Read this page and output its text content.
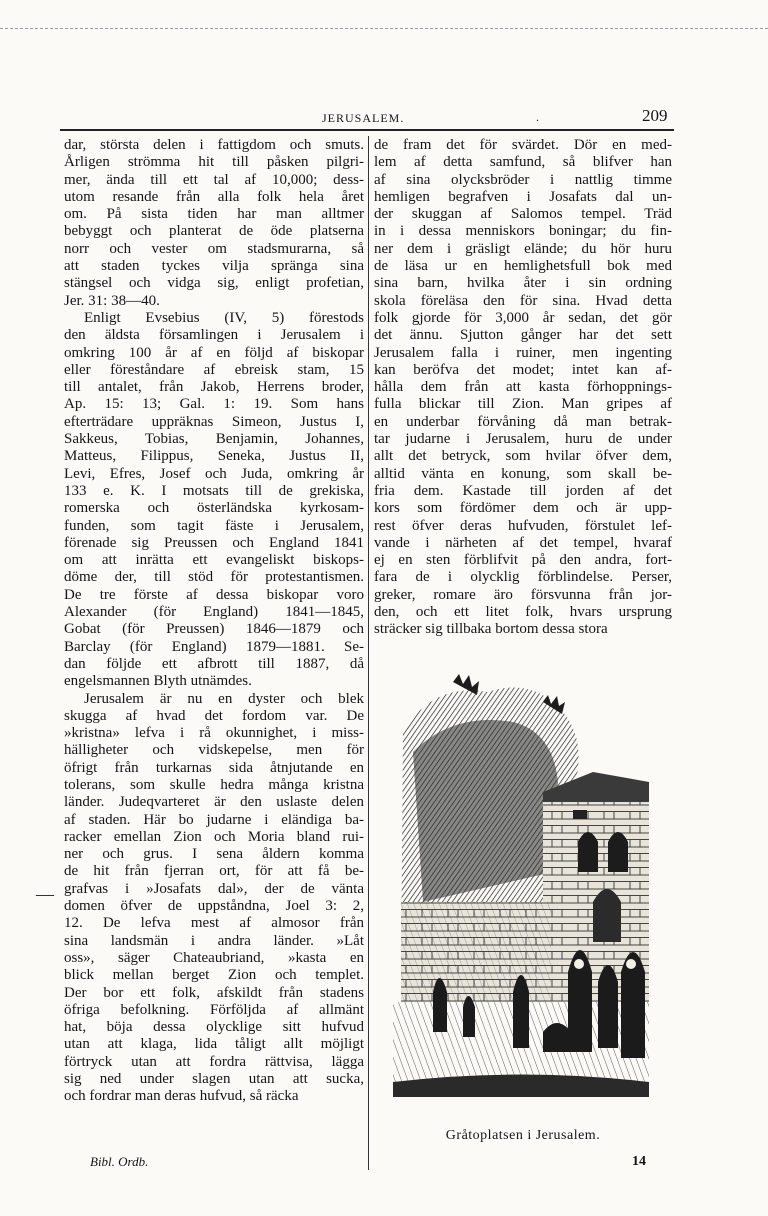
JERUSALEM.	.	209
dar, största delen i fattigdom och smuts.
Årligen strömma hit till påsken pilgri-
mer, ända till ett tal af 10,000; dess-
utom resande från alla folk hela året
om. På sista tiden har man alltmer
bebyggt och planterat de öde platserna
norr och vester om stadsmurarna, så
att staden tyckes vilja spränga sina
stängsel och vidga sig, enligt profetian,
Jer. 31: 38—40.
Enligt Evsebius (IV, 5) förestods
den äldsta församlingen i Jerusalem i
omkring 100 år af en följd af biskopar
eller föreståndare af ebreisk stam, 15
till antalet, från Jakob, Herrens broder,
Ap. 15: 13; Gal. 1: 19. Som hans
efterträdare uppräknas Simeon, Justus I,
Sakkeus, Tobias, Benjamin, Johannes,
Matteus, Filippus, Seneka, Justus II,
Levi, Efres, Josef och Juda, omkring år
133 e. K. I motsats till de grekiska,
romerska och österländska kyrkosam-
funden, som tagit fäste i Jerusalem,
förenade sig Preussen och England 1841
om att inrätta ett evangeliskt biskops-
döme der, till stöd för protestantismen.
De tre förste af dessa biskopar voro
Alexander (för England) 1841—1845,
Gobat (för Preussen) 1846—1879 och
Barclay (för England) 1879—1881. Se-
dan följde ett afbrott till 1887, då
engelsmannen Blyth utnämdes.
Jerusalem är nu en dyster och blek
skugga af hvad det fordom var. De
»kristna» lefva i rå okunnighet, i miss-
hälligheter och vidskepelse, men för
öfrigt från turkarnas sida åtnjutande en
tolerans, som skulle hedra många kristna
länder. Judeqvarteret är den uslaste delen
af staden. Här bo judarne i eländiga ba-
racker emellan Zion och Moria bland rui-
ner och grus. I sena åldern komma
de hit från fjerran ort, för att få be-
grafvas i »Josafats dal», der de vänta
domen öfver de uppståndna, Joel 3: 2,
12. De lefva mest af almosor från
sina landsmän i andra länder. »Låt
oss», säger Chateaubriand, »kasta en
blick mellan berget Zion och templet.
Der bor ett folk, afskildt från stadens
öfriga befolkning. Förföljda af allmänt
hat, böja dessa olycklige sitt hufvud
utan att klaga, lida tåligt allt möjligt
förtryck utan att fordra rättvisa, lägga
sig ned under slagen utan att sucka,
och fordrar man deras hufvud, så räcka
de fram det för svärdet. Dör en med-
lem af detta samfund, så blifver han
af sina olycksbröder i nattlig timme
hemligen begrafven i Josafats dal un-
der skuggan af Salomos tempel. Träd
in i dessa menniskors boningar; du fin-
ner dem i gräsligt elände; du hör huru
de läsa ur en hemlighetsfull bok med
sina barn, hvilka åter i sin ordning
skola föreläsa den för sina. Hvad detta
folk gjorde för 3,000 år sedan, det gör
det ännu. Sjutton gånger har det sett
Jerusalem falla i ruiner, men ingenting
kan beröfva det modet; intet kan af-
hålla dem från att kasta förhoppnings-
fulla blickar till Zion. Man gripes af
en underbar förvåning då man betrak-
tar judarne i Jerusalem, huru de under
allt det betryck, som hvilar öfver dem,
alltid vänta en konung, som skall be-
fria dem. Kastade till jorden af det
kors som fördömer dem och är upp-
rest öfver deras hufvuden, förstulet lef-
vande i närheten af det tempel, hvaraf
ej en sten förblifvit på den andra, fort-
fara de i olycklig förblindelse. Perser,
greker, romare äro försvunna från jor-
den, och ett litet folk, hvars ursprung
sträcker sig tillbaka bortom dessa stora
—
Gråtoplatsen i Jerusalem.
Bibl. Ordb.	14
